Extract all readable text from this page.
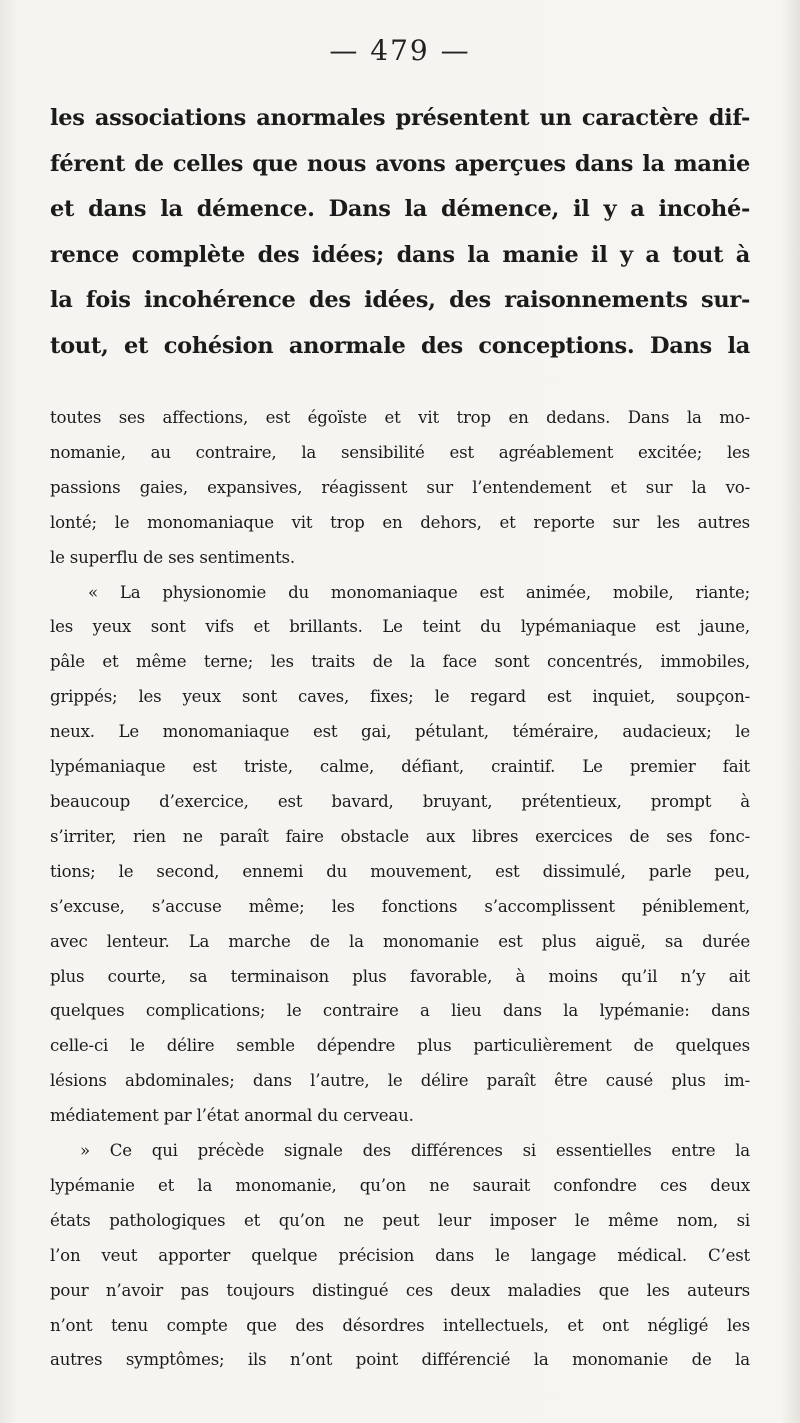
— 479 —
les associations anormales présentent un caractère dif-
férent de celles que nous avons aperçues dans la manie
et dans la démence. Dans la démence, il y a incohé-
rence complète des idées; dans la manie il y a tout à
la fois incohérence des idées, des raisonnements sur-
tout, et cohésion anormale des conceptions. Dans la
toutes ses affections, est égoïste et vit trop en dedans. Dans la mo-
nomanie, au contraire, la sensibilité est agréablement excitée; les
passions gaies, expansives, réagissent sur l’entendement et sur la vo-
lonté; le monomaniaque vit trop en dehors, et reporte sur les autres
le superflu de ses sentiments.
« La physionomie du monomaniaque est animée, mobile, riante;
les yeux sont vifs et brillants. Le teint du lypémaniaque est jaune,
pâle et même terne; les traits de la face sont concentrés, immobiles,
grippés; les yeux sont caves, fixes; le regard est inquiet, soupçon-
neux. Le monomaniaque est gai, pétulant, téméraire, audacieux; le
lypémaniaque est triste, calme, défiant, craintif. Le premier fait
beaucoup d’exercice, est bavard, bruyant, prétentieux, prompt à
s’irriter, rien ne paraît faire obstacle aux libres exercices de ses fonc-
tions; le second, ennemi du mouvement, est dissimulé, parle peu,
s’excuse, s’accuse même; les fonctions s’accomplissent péniblement,
avec lenteur. La marche de la monomanie est plus aiguë, sa durée
plus courte, sa terminaison plus favorable, à moins qu’il n’y ait
quelques complications; le contraire a lieu dans la lypémanie: dans
celle-ci le délire semble dépendre plus particulièrement de quelques
lésions abdominales; dans l’autre, le délire paraît être causé plus im-
médiatement par l’état anormal du cerveau.
» Ce qui précède signale des différences si essentielles entre la
lypémanie et la monomanie, qu’on ne saurait confondre ces deux
états pathologiques et qu’on ne peut leur imposer le même nom, si
l’on veut apporter quelque précision dans le langage médical. C’est
pour n’avoir pas toujours distingué ces deux maladies que les auteurs
n’ont tenu compte que des désordres intellectuels, et ont négligé les
autres symptômes; ils n’ont point différencié la monomanie de la
